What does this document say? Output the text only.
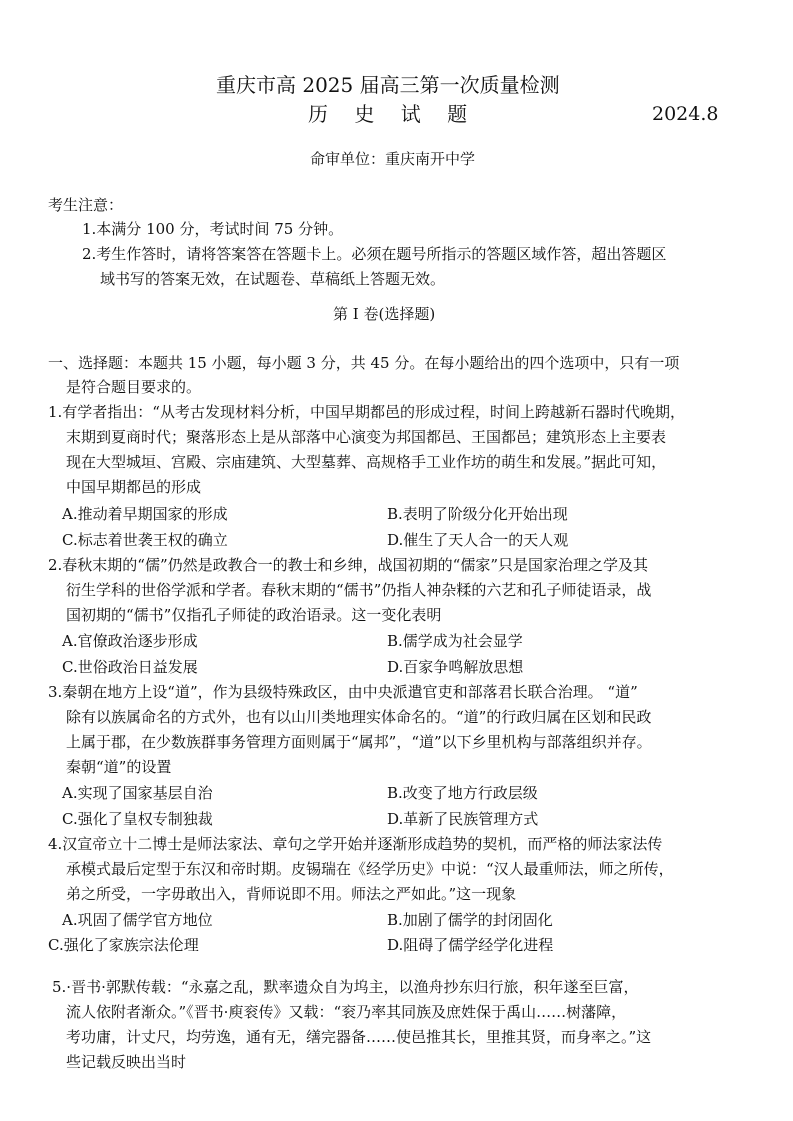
重庆市高 2025 届高三第一次质量检测
历 史 试 题	2024.8
命审单位：重庆南开中学
考生注意：
1.本满分 100 分，考试时间 75 分钟。
2.考生作答时，请将答案答在答题卡上。必须在题号所指示的答题区域作答，超出答题区
域书写的答案无效，在试题卷、草稿纸上答题无效。
第 I 卷(选择题)
一、选择题：本题共 15 小题，每小题 3 分，共 45 分。在每小题给出的四个选项中，只有一项
是符合题目要求的。
1.有学者指出：“从考古发现材料分析，中国早期都邑的形成过程，时间上跨越新石器时代晚期，
末期到夏商时代；聚落形态上是从部落中心演变为邦国都邑、王国都邑；建筑形态上主要表
现在大型城垣、宫殿、宗庙建筑、大型墓葬、高规格手工业作坊的萌生和发展。”据此可知，
中国早期都邑的形成
A.推动着早期国家的形成	B.表明了阶级分化开始出现
C.标志着世袭王权的确立	D.催生了天人合一的天人观
2.春秋末期的“儒”仍然是政教合一的教士和乡绅，战国初期的“儒家”只是国家治理之学及其
衍生学科的世俗学派和学者。春秋末期的“儒书”仍指人神杂糅的六艺和孔子师徒语录，战
国初期的“儒书”仅指孔子师徒的政治语录。这一变化表明
A.官僚政治逐步形成	B.儒学成为社会显学
C.世俗政治日益发展	D.百家争鸣解放思想
3.秦朝在地方上设“道”，作为县级特殊政区，由中央派遣官吏和部落君长联合治理。 “道”
除有以族属命名的方式外，也有以山川类地理实体命名的。“道”的行政归属在区划和民政
上属于郡，在少数族群事务管理方面则属于“属邦”，“道”以下乡里机构与部落组织并存。
秦朝“道”的设置
A.实现了国家基层自治	B.改变了地方行政层级
C.强化了皇权专制独裁	D.革新了民族管理方式
4.汉宣帝立十二博士是师法家法、章句之学开始并逐渐形成趋势的契机，而严格的师法家法传
承模式最后定型于东汉和帝时期。皮锡瑞在《经学历史》中说：“汉人最重师法，师之所传，
弟之所受，一字毋敢出入，背师说即不用。师法之严如此。”这一现象
A.巩固了儒学官方地位	B.加剧了儒学的封闭固化
C.强化了家族宗法伦理	D.阻碍了儒学经学化进程
5.·晋书·郭默传载：“永嘉之乱，默率遗众自为坞主，以渔舟抄东归行旅，积年遂至巨富，
流人依附者渐众。”《晋书·庾衮传》又载：“衮乃率其同族及庶姓保于禹山……树藩障，
考功庸，计丈尺，均劳逸，通有无，缮完器备……使邑推其长，里推其贤，而身率之。”这
些记载反映出当时
